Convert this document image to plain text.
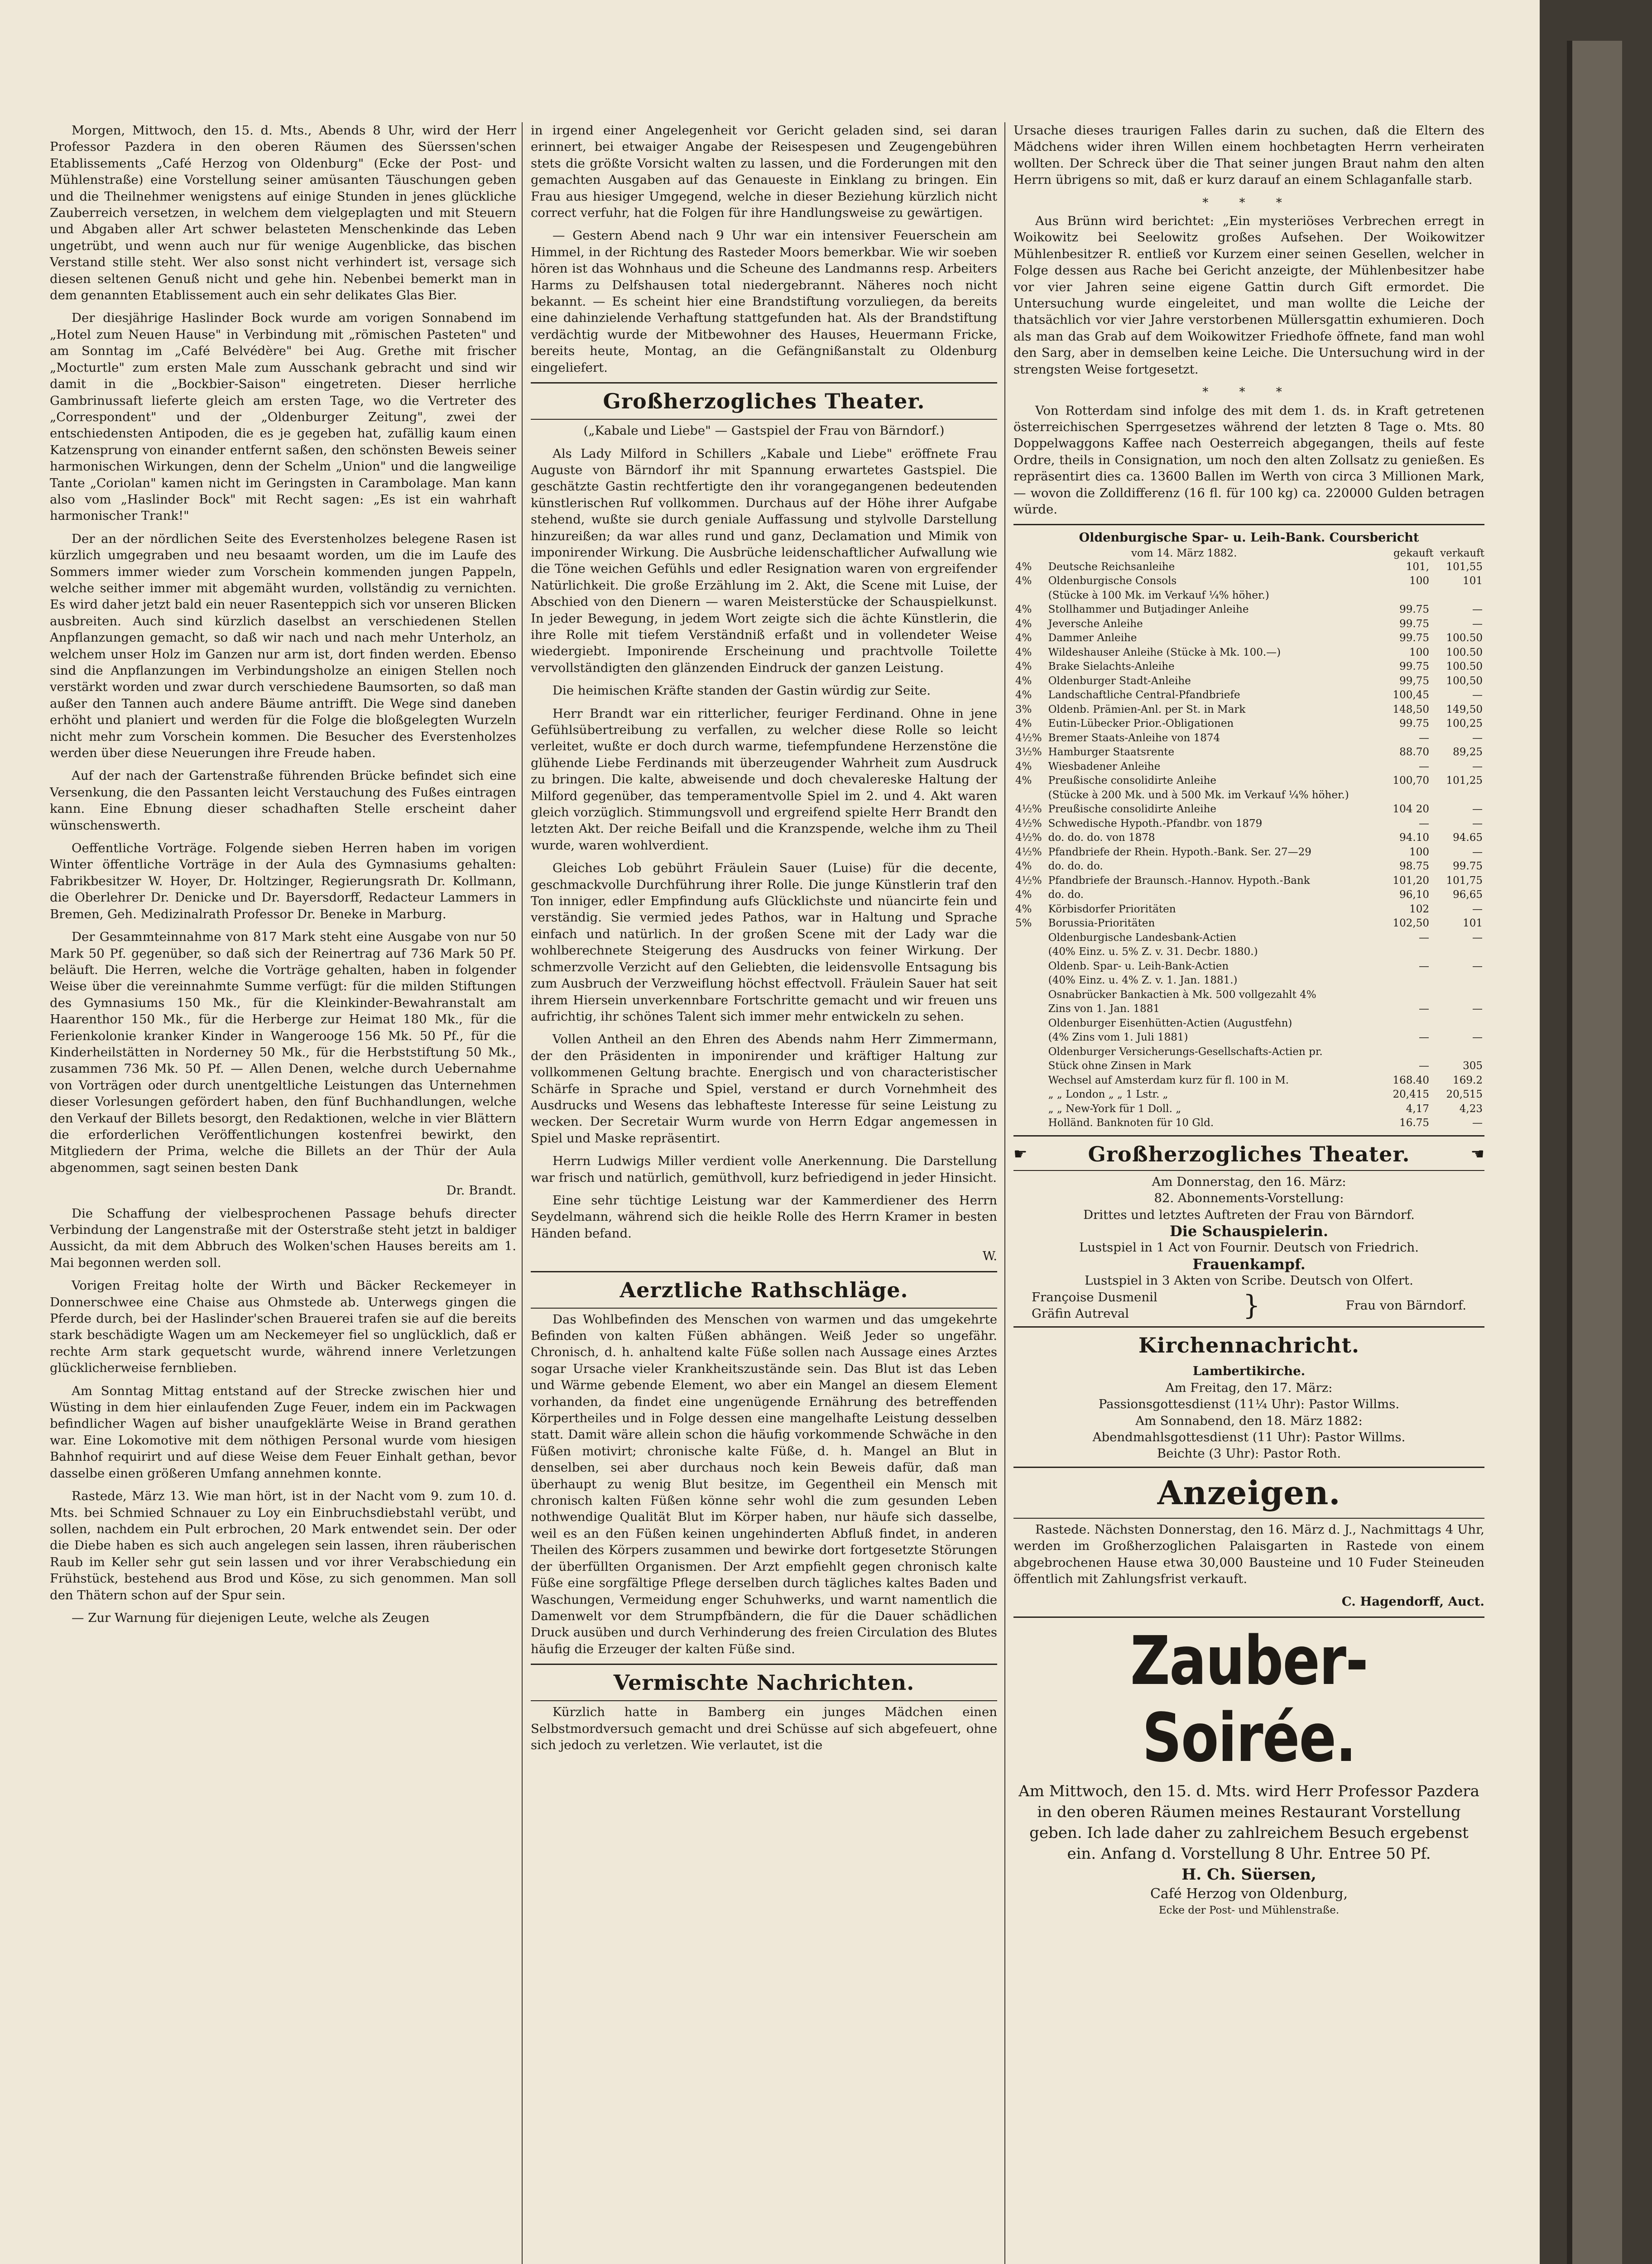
Morgen, Mittwoch, den 15. d. Mts., Abends 8 Uhr, wird der Herr Professor Pazdera in den oberen Räumen des Süerssen'schen Etablissements „Café Herzog von Oldenburg" (Ecke der Post- und Mühlenstraße) eine Vorstellung seiner amüsanten Täuschungen geben und die Theilnehmer wenigstens auf einige Stunden in jenes glückliche Zauberreich versetzen, in welchem dem vielgeplagten und mit Steuern und Abgaben aller Art schwer belasteten Menschenkinde das Leben ungetrübt, und wenn auch nur für wenige Augenblicke, das bischen Verstand stille steht. Wer also sonst nicht verhindert ist, versage sich diesen seltenen Genuß nicht und gehe hin. Nebenbei bemerkt man in dem genannten Etablissement auch ein sehr delikates Glas Bier.

Der diesjährige Haslinder Bock wurde am vorigen Sonnabend im „Hotel zum Neuen Hause" in Verbindung mit „römischen Pasteten" und am Sonntag im „Café Belvédère" bei Aug. Grethe mit frischer „Mocturtle" zum ersten Male zum Ausschank gebracht und sind wir damit in die „Bockbier-Saison" eingetreten. Dieser herrliche Gambrinussaft lieferte gleich am ersten Tage, wo die Vertreter des „Correspondent" und der „Oldenburger Zeitung", zwei der entschiedensten Antipoden, die es je gegeben hat, zufällig kaum einen Katzensprung von einander entfernt saßen, den schönsten Beweis seiner harmonischen Wirkungen, denn der Schelm „Union" und die langweilige Tante „Coriolan" kamen nicht im Geringsten in Carambolage. Man kann also vom „Haslinder Bock" mit Recht sagen: „Es ist ein wahrhaft harmonischer Trank!"

Der an der nördlichen Seite des Everstenholzes belegene Rasen ist kürzlich umgegraben und neu besaamt worden, um die im Laufe des Sommers immer wieder zum Vorschein kommenden jungen Pappeln, welche seither immer mit abgemäht wurden, vollständig zu vernichten. Es wird daher jetzt bald ein neuer Rasenteppich sich vor unseren Blicken ausbreiten. Auch sind kürzlich daselbst an verschiedenen Stellen Anpflanzungen gemacht, so daß wir nach und nach mehr Unterholz, an welchem unser Holz im Ganzen nur arm ist, dort finden werden. Ebenso sind die Anpflanzungen im Verbindungsholze an einigen Stellen noch verstärkt worden und zwar durch verschiedene Baumsorten, so daß man außer den Tannen auch andere Bäume antrifft. Die Wege sind daneben erhöht und planiert und werden für die Folge die bloßgelegten Wurzeln nicht mehr zum Vorschein kommen. Die Besucher des Everstenholzes werden über diese Neuerungen ihre Freude haben.

Auf der nach der Gartenstraße führenden Brücke befindet sich eine Versenkung, die den Passanten leicht Verstauchung des Fußes eintragen kann. Eine Ebnung dieser schadhaften Stelle erscheint daher wünschenswerth.

Oeffentliche Vorträge. Folgende sieben Herren haben im vorigen Winter öffentliche Vorträge in der Aula des Gymnasiums gehalten: Fabrikbesitzer W. Hoyer, Dr. Holtzinger, Regierungsrath Dr. Kollmann, die Oberlehrer Dr. Denicke und Dr. Bayersdorff, Redacteur Lammers in Bremen, Geh. Medizinalrath Professor Dr. Beneke in Marburg.

Der Gesammteinnahme von 817 Mark steht eine Ausgabe von nur 50 Mark 50 Pf. gegenüber, so daß sich der Reinertrag auf 736 Mark 50 Pf. beläuft. Die Herren, welche die Vorträge gehalten, haben in folgender Weise über die vereinnahmte Summe verfügt: für die milden Stiftungen des Gymnasiums 150 Mk., für die Kleinkinder-Bewahranstalt am Haarenthor 150 Mk., für die Herberge zur Heimat 180 Mk., für die Ferienkolonie kranker Kinder in Wangerooge 156 Mk. 50 Pf., für die Kinderheilstätten in Norderney 50 Mk., für die Herbststiftung 50 Mk., zusammen 736 Mk. 50 Pf. — Allen Denen, welche durch Uebernahme von Vorträgen oder durch unentgeltliche Leistungen das Unternehmen dieser Vorlesungen gefördert haben, den fünf Buchhandlungen, welche den Verkauf der Billets besorgt, den Redaktionen, welche in vier Blättern die erforderlichen Veröffentlichungen kostenfrei bewirkt, den Mitgliedern der Prima, welche die Billets an der Thür der Aula abgenommen, sagt seinen besten Dank

Dr. Brandt.

Die Schaffung der vielbesprochenen Passage behufs directer Verbindung der Langenstraße mit der Osterstraße steht jetzt in baldiger Aussicht, da mit dem Abbruch des Wolken'schen Hauses bereits am 1. Mai begonnen werden soll.

Vorigen Freitag holte der Wirth und Bäcker Reckemeyer in Donnerschwee eine Chaise aus Ohmstede ab. Unterwegs gingen die Pferde durch, bei der Haslinder'schen Brauerei trafen sie auf die bereits stark beschädigte Wagen um am Neckemeyer fiel so unglücklich, daß er rechte Arm stark gequetscht wurde, während innere Verletzungen glücklicherweise fernblieben.

Am Sonntag Mittag entstand auf der Strecke zwischen hier und Wüsting in dem hier einlaufenden Zuge Feuer, indem ein im Packwagen befindlicher Wagen auf bisher unaufgeklärte Weise in Brand gerathen war. Eine Lokomotive mit dem nöthigen Personal wurde vom hiesigen Bahnhof requirirt und auf diese Weise dem Feuer Einhalt gethan, bevor dasselbe einen größeren Umfang annehmen konnte.

Rastede, März 13. Wie man hört, ist in der Nacht vom 9. zum 10. d. Mts. bei Schmied Schnauer zu Loy ein Einbruchsdiebstahl verübt, und sollen, nachdem ein Pult erbrochen, 20 Mark entwendet sein. Der oder die Diebe haben es sich auch angelegen sein lassen, ihren räuberischen Raub im Keller sehr gut sein lassen und vor ihrer Verabschiedung ein Frühstück, bestehend aus Brod und Köse, zu sich genommen. Man soll den Thätern schon auf der Spur sein.

— Zur Warnung für diejenigen Leute, welche als Zeugen

in irgend einer Angelegenheit vor Gericht geladen sind, sei daran erinnert, bei etwaiger Angabe der Reisespesen und Zeugengebühren stets die größte Vorsicht walten zu lassen, und die Forderungen mit den gemachten Ausgaben auf das Genaueste in Einklang zu bringen. Ein Frau aus hiesiger Umgegend, welche in dieser Beziehung kürzlich nicht correct verfuhr, hat die Folgen für ihre Handlungsweise zu gewärtigen.

— Gestern Abend nach 9 Uhr war ein intensiver Feuerschein am Himmel, in der Richtung des Rasteder Moors bemerkbar. Wie wir soeben hören ist das Wohnhaus und die Scheune des Landmanns resp. Arbeiters Harms zu Delfshausen total niedergebrannt. Näheres noch nicht bekannt. — Es scheint hier eine Brandstiftung vorzuliegen, da bereits eine dahinzielende Verhaftung stattgefunden hat. Als der Brandstiftung verdächtig wurde der Mitbewohner des Hauses, Heuermann Fricke, bereits heute, Montag, an die Gefängnißanstalt zu Oldenburg eingeliefert.

Großherzogliches Theater.

(„Kabale und Liebe" — Gastspiel der Frau von Bärndorf.)

Als Lady Milford in Schillers „Kabale und Liebe" eröffnete Frau Auguste von Bärndorf ihr mit Spannung erwartetes Gastspiel. Die geschätzte Gastin rechtfertigte den ihr vorangegangenen bedeutenden künstlerischen Ruf vollkommen. Durchaus auf der Höhe ihrer Aufgabe stehend, wußte sie durch geniale Auffassung und stylvolle Darstellung hinzureißen; da war alles rund und ganz, Declamation und Mimik von imponirender Wirkung. Die Ausbrüche leidenschaftlicher Aufwallung wie die Töne weichen Gefühls und edler Resignation waren von ergreifender Natürlichkeit. Die große Erzählung im 2. Akt, die Scene mit Luise, der Abschied von den Dienern — waren Meisterstücke der Schauspielkunst. In jeder Bewegung, in jedem Wort zeigte sich die ächte Künstlerin, die ihre Rolle mit tiefem Verständniß erfaßt und in vollendeter Weise wiedergiebt. Imponirende Erscheinung und prachtvolle Toilette vervollständigten den glänzenden Eindruck der ganzen Leistung.

Die heimischen Kräfte standen der Gastin würdig zur Seite.

Herr Brandt war ein ritterlicher, feuriger Ferdinand. Ohne in jene Gefühlsübertreibung zu verfallen, zu welcher diese Rolle so leicht verleitet, wußte er doch durch warme, tiefempfundene Herzenstöne die glühende Liebe Ferdinands mit überzeugender Wahrheit zum Ausdruck zu bringen. Die kalte, abweisende und doch chevalereske Haltung der Milford gegenüber, das temperamentvolle Spiel im 2. und 4. Akt waren gleich vorzüglich. Stimmungsvoll und ergreifend spielte Herr Brandt den letzten Akt. Der reiche Beifall und die Kranzspende, welche ihm zu Theil wurde, waren wohlverdient.

Gleiches Lob gebührt Fräulein Sauer (Luise) für die decente, geschmackvolle Durchführung ihrer Rolle. Die junge Künstlerin traf den Ton inniger, edler Empfindung aufs Glücklichste und nüancirte fein und verständig. Sie vermied jedes Pathos, war in Haltung und Sprache einfach und natürlich. In der großen Scene mit der Lady war die wohlberechnete Steigerung des Ausdrucks von feiner Wirkung. Der schmerzvolle Verzicht auf den Geliebten, die leidensvolle Entsagung bis zum Ausbruch der Verzweiflung höchst effectvoll. Fräulein Sauer hat seit ihrem Hiersein unverkennbare Fortschritte gemacht und wir freuen uns aufrichtig, ihr schönes Talent sich immer mehr entwickeln zu sehen.

Vollen Antheil an den Ehren des Abends nahm Herr Zimmermann, der den Präsidenten in imponirender und kräftiger Haltung zur vollkommenen Geltung brachte. Energisch und von characteristischer Schärfe in Sprache und Spiel, verstand er durch Vornehmheit des Ausdrucks und Wesens das lebhafteste Interesse für seine Leistung zu wecken. Der Secretair Wurm wurde von Herrn Edgar angemessen in Spiel und Maske repräsentirt.

Herrn Ludwigs Miller verdient volle Anerkennung. Die Darstellung war frisch und natürlich, gemüthvoll, kurz befriedigend in jeder Hinsicht.

Eine sehr tüchtige Leistung war der Kammerdiener des Herrn Seydelmann, während sich die heikle Rolle des Herrn Kramer in besten Händen befand.

W.

Aerztliche Rathschläge.

Das Wohlbefinden des Menschen von warmen und das umgekehrte Befinden von kalten Füßen abhängen. Weiß Jeder so ungefähr. Chronisch, d. h. anhaltend kalte Füße sollen nach Aussage eines Arztes sogar Ursache vieler Krankheitszustände sein. Das Blut ist das Leben und Wärme gebende Element, wo aber ein Mangel an diesem Element vorhanden, da findet eine ungenügende Ernährung des betreffenden Körpertheiles und in Folge dessen eine mangelhafte Leistung desselben statt. Damit wäre allein schon die häufig vorkommende Schwäche in den Füßen motivirt; chronische kalte Füße, d. h. Mangel an Blut in denselben, sei aber durchaus noch kein Beweis dafür, daß man überhaupt zu wenig Blut besitze, im Gegentheil ein Mensch mit chronisch kalten Füßen könne sehr wohl die zum gesunden Leben nothwendige Qualität Blut im Körper haben, nur häufe sich dasselbe, weil es an den Füßen keinen ungehinderten Abfluß findet, in anderen Theilen des Körpers zusammen und bewirke dort fortgesetzte Störungen der überfüllten Organismen. Der Arzt empfiehlt gegen chronisch kalte Füße eine sorgfältige Pflege derselben durch tägliches kaltes Baden und Waschungen, Vermeidung enger Schuhwerks, und warnt namentlich die Damenwelt vor dem Strumpfbändern, die für die Dauer schädlichen Druck ausüben und durch Verhinderung des freien Circulation des Blutes häufig die Erzeuger der kalten Füße sind.

Vermischte Nachrichten.

Kürzlich hatte in Bamberg ein junges Mädchen einen Selbstmordversuch gemacht und drei Schüsse auf sich abgefeuert, ohne sich jedoch zu verletzen. Wie verlautet, ist die

Ursache dieses traurigen Falles darin zu suchen, daß die Eltern des Mädchens wider ihren Willen einem hochbetagten Herrn verheiraten wollten. Der Schreck über die That seiner jungen Braut nahm den alten Herrn übrigens so mit, daß er kurz darauf an einem Schlaganfalle starb.

* * *

Aus Brünn wird berichtet: „Ein mysteriöses Verbrechen erregt in Woikowitz bei Seelowitz großes Aufsehen. Der Woikowitzer Mühlenbesitzer R. entließ vor Kurzem einer seinen Gesellen, welcher in Folge dessen aus Rache bei Gericht anzeigte, der Mühlenbesitzer habe vor vier Jahren seine eigene Gattin durch Gift ermordet. Die Untersuchung wurde eingeleitet, und man wollte die Leiche der thatsächlich vor vier Jahre verstorbenen Müllersgattin exhumieren. Doch als man das Grab auf dem Woikowitzer Friedhofe öffnete, fand man wohl den Sarg, aber in demselben keine Leiche. Die Untersuchung wird in der strengsten Weise fortgesetzt.

* * *

Von Rotterdam sind infolge des mit dem 1. ds. in Kraft getretenen österreichischen Sperrgesetzes während der letzten 8 Tage o. Mts. 80 Doppelwaggons Kaffee nach Oesterreich abgegangen, theils auf feste Ordre, theils in Consignation, um noch den alten Zollsatz zu genießen. Es repräsentirt dies ca. 13600 Ballen im Werth von circa 3 Millionen Mark, — wovon die Zolldifferenz (16 fl. für 100 kg) ca. 220000 Gulden betragen würde.

Oldenburgische Spar- u. Leih-Bank. Coursbericht
vom 14. März 1882.	gekauft verkauft
4%	Deutsche Reichsanleihe	101,	101,55
4%	Oldenburgische Consols	100	101
	(Stücke à 100 Mk. im Verkauf ¼% höher.)		
4%	Stollhammer und Butjadinger Anleihe	99.75	—
4%	Jeversche Anleihe	99.75	—
4%	Dammer Anleihe	99.75	100.50
4%	Wildeshauser Anleihe (Stücke à Mk. 100.—)	100	100.50
4%	Brake Sielachts-Anleihe	99.75	100.50
4%	Oldenburger Stadt-Anleihe	99,75	100,50
4%	Landschaftliche Central-Pfandbriefe	100,45	—
3%	Oldenb. Prämien-Anl. per St. in Mark	148,50	149,50
4%	Eutin-Lübecker Prior.-Obligationen	99.75	100,25
4½%	Bremer Staats-Anleihe von 1874	—	—
3½%	Hamburger Staatsrente	88.70	89,25
4%	Wiesbadener Anleihe	—	—
4%	Preußische consolidirte Anleihe	100,70	101,25
	(Stücke à 200 Mk. und à 500 Mk. im Verkauf ¼% höher.)		
4½%	Preußische consolidirte Anleihe	104 20	—
4½%	Schwedische Hypoth.-Pfandbr. von 1879	—	—
4½%	do. do. do. von 1878	94.10	94.65
4½%	Pfandbriefe der Rhein. Hypoth.-Bank. Ser. 27—29	100	—
4%	do. do. do.	98.75	99.75
4½%	Pfandbriefe der Braunsch.-Hannov. Hypoth.-Bank	101,20	101,75
4%	do. do.	96,10	96,65
4%	Körbisdorfer Prioritäten	102	—
5%	Borussia-Prioritäten	102,50	101
	Oldenburgische Landesbank-Actien	—	—
	(40% Einz. u. 5% Z. v. 31. Decbr. 1880.)		
	Oldenb. Spar- u. Leih-Bank-Actien	—	—
	(40% Einz. u. 4% Z. v. 1. Jan. 1881.)		
	Osnabrücker Bankactien à Mk. 500 vollgezahlt 4%		
	Zins von 1. Jan. 1881	—	—
	Oldenburger Eisenhütten-Actien (Augustfehn)		
	(4% Zins vom 1. Juli 1881)	—	—
	Oldenburger Versicherungs-Gesellschafts-Actien pr.		
	Stück ohne Zinsen in Mark	—	305
	Wechsel auf Amsterdam kurz für fl. 100 in M.	168.40	169.2
	„ „ London „ „ 1 Lstr. „	20,415	20,515
	„ „ New-York für 1 Doll. „	4,17	4,23
	Holländ. Banknoten für 10 Gld.	16.75	—
☛	Großherzogliches Theater.	☚
Am Donnerstag, den 16. März:
82. Abonnements-Vorstellung:
Drittes und letztes Auftreten der Frau von Bärndorf.
Die Schauspielerin.
Lustspiel in 1 Act von Fournir. Deutsch von Friedrich.
Frauenkampf.
Lustspiel in 3 Akten von Scribe. Deutsch von Olfert.
Françoise Dusmenil
Gräfin Autreval	}	Frau von Bärndorf.
Kirchennachricht.
Lambertikirche.
Am Freitag, den 17. März:
Passionsgottesdienst (11¼ Uhr): Pastor Willms.
Am Sonnabend, den 18. März 1882:
Abendmahlsgottesdienst (11 Uhr): Pastor Willms.
Beichte (3 Uhr): Pastor Roth.
Anzeigen.

Rastede. Nächsten Donnerstag, den 16. März d. J., Nachmittags 4 Uhr, werden im Großherzoglichen Palaisgarten in Rastede von einem abgebrochenen Hause etwa 30,000 Bausteine und 10 Fuder Steineuden öffentlich mit Zahlungsfrist verkauft.

C. Hagendorff, Auct.

Zauber-Soirée.
Am Mittwoch, den 15. d. Mts. wird Herr Professor Pazdera in den oberen Räumen meines Restaurant Vorstellung geben. Ich lade daher zu zahlreichem Besuch ergebenst ein. Anfang d. Vorstellung 8 Uhr. Entree 50 Pf.
H. Ch. Süersen,
Café Herzog von Oldenburg,
Ecke der Post- und Mühlenstraße.
